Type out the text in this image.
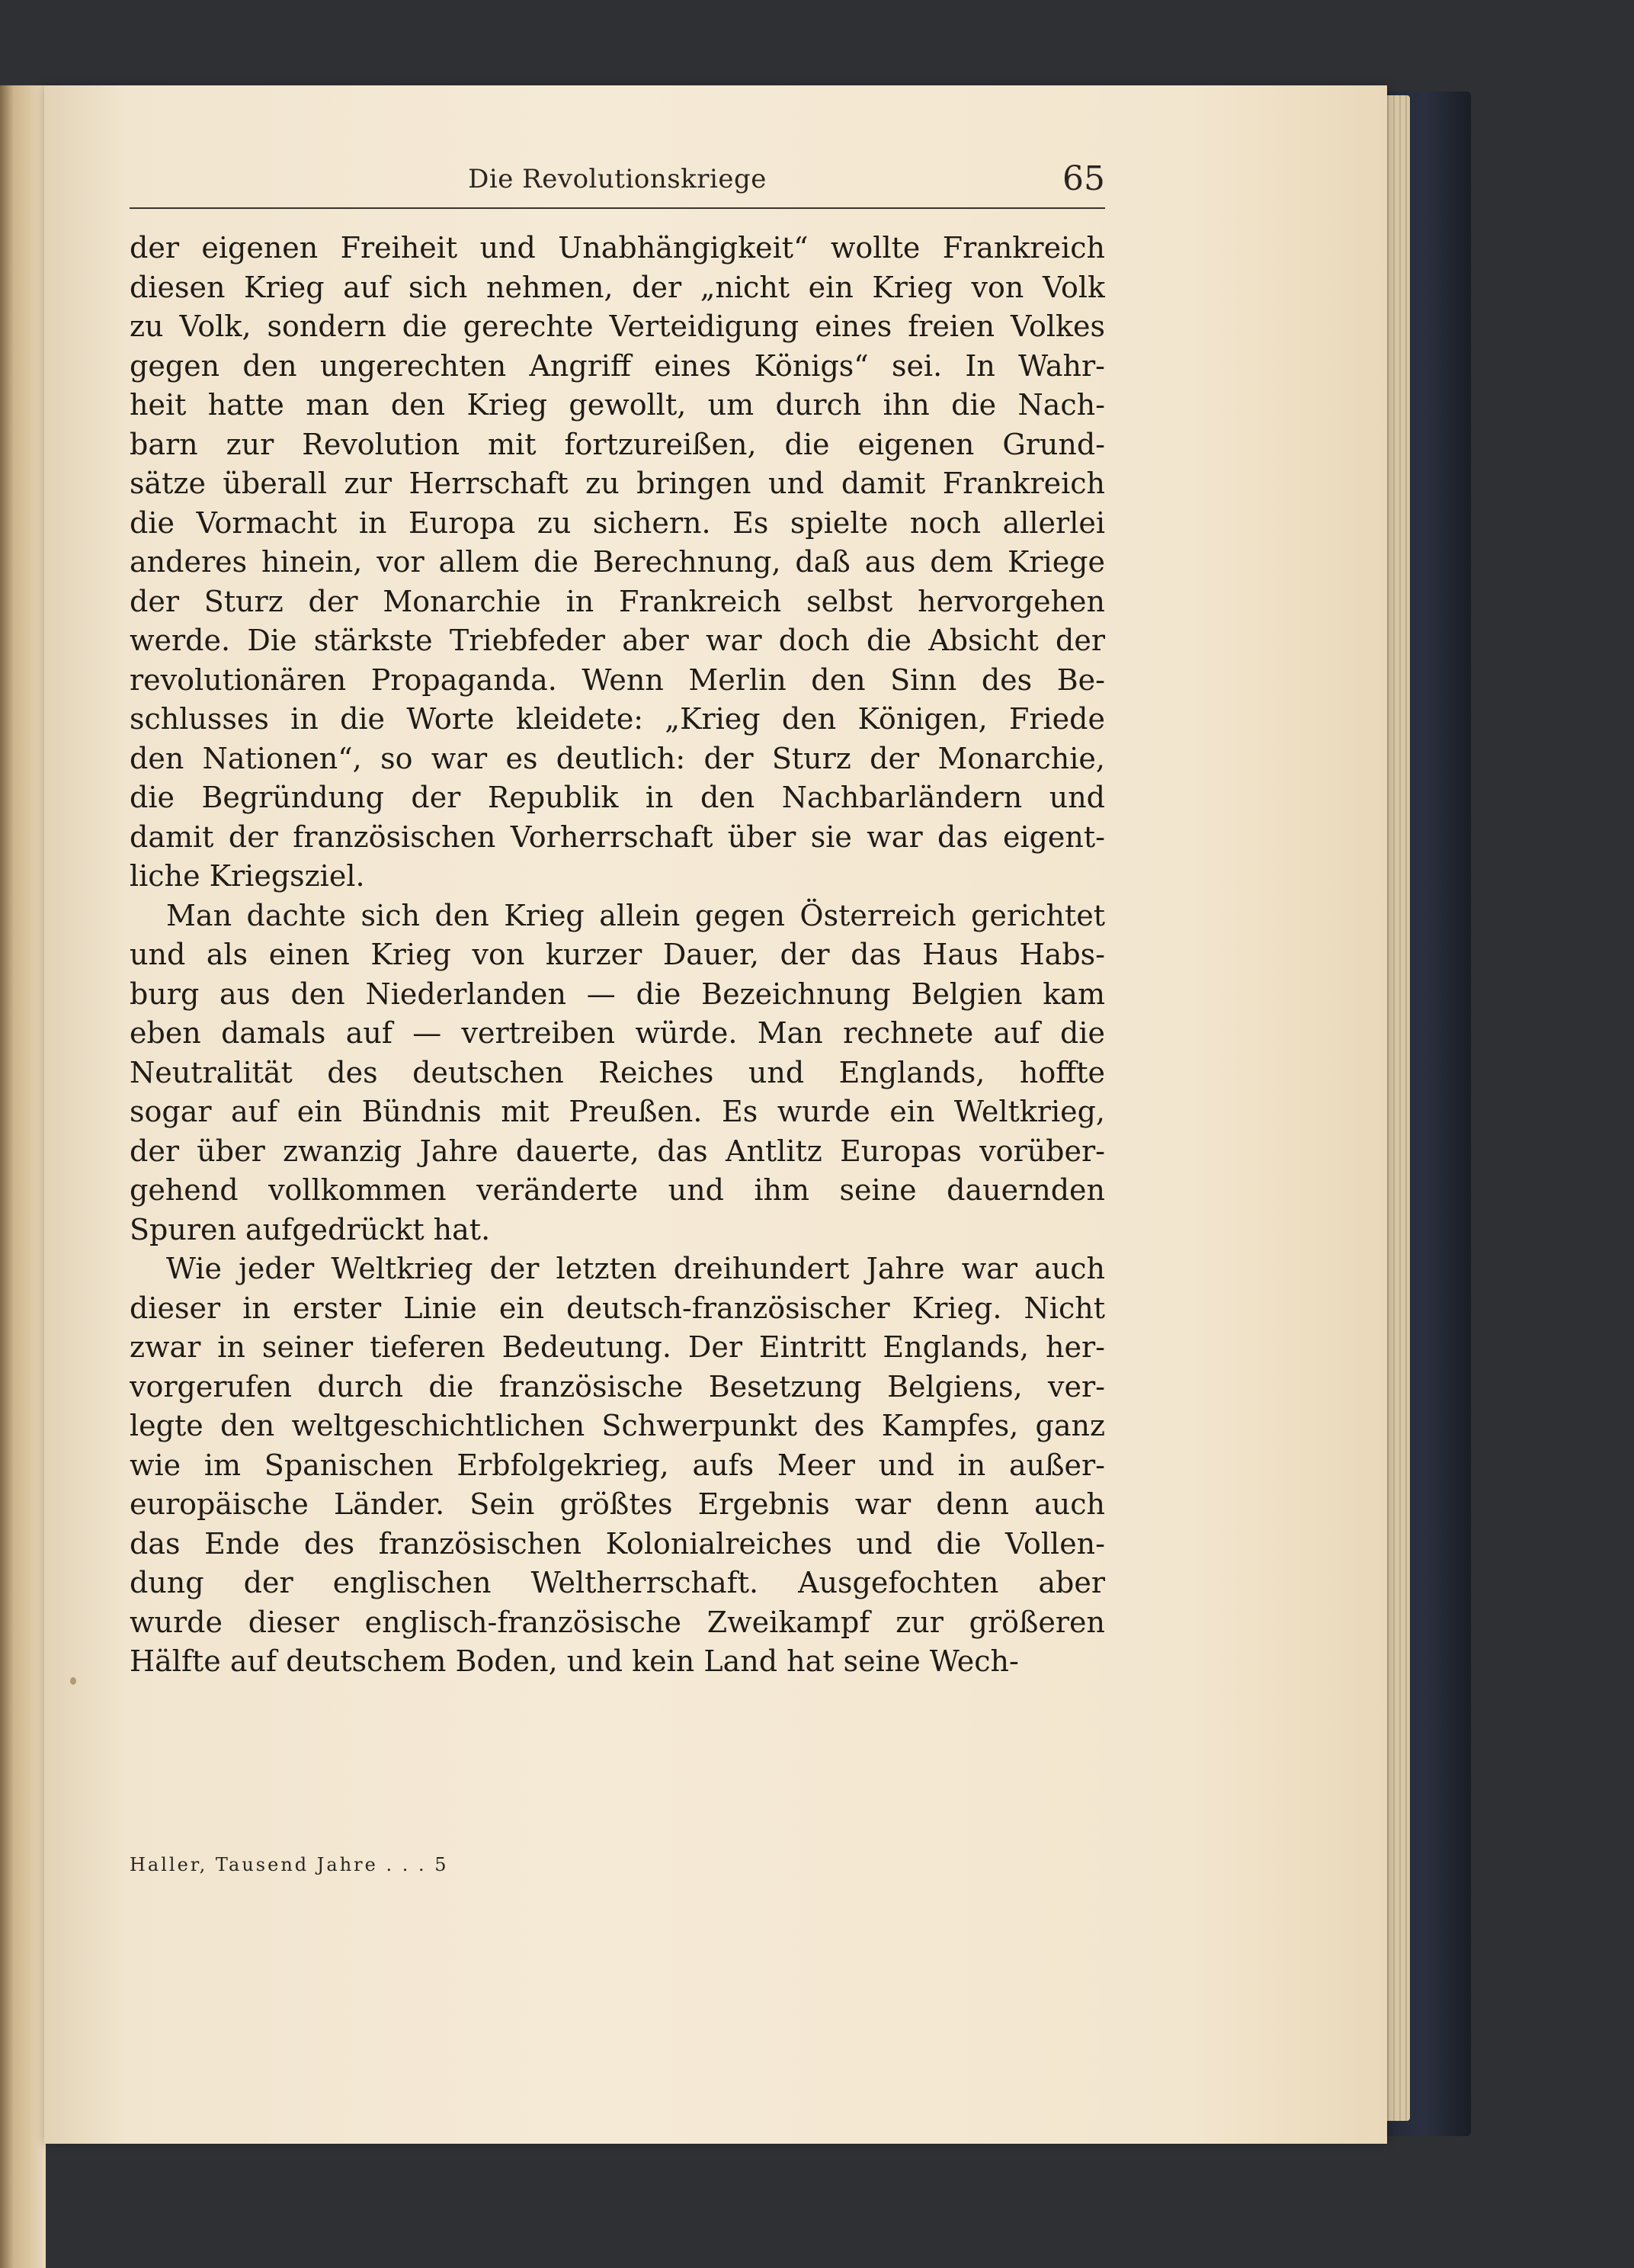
Die Revolutionskriege	65
der eigenen Freiheit und Unabhängigkeit“ wollte Frankreich
diesen Krieg auf sich nehmen, der „nicht ein Krieg von Volk
zu Volk, sondern die gerechte Verteidigung eines freien Volkes
gegen den ungerechten Angriff eines Königs“ sei. In Wahr-
heit hatte man den Krieg gewollt, um durch ihn die Nach-
barn zur Revolution mit fortzureißen, die eigenen Grund-
sätze überall zur Herrschaft zu bringen und damit Frankreich
die Vormacht in Europa zu sichern. Es spielte noch allerlei
anderes hinein, vor allem die Berechnung, daß aus dem Kriege
der Sturz der Monarchie in Frankreich selbst hervorgehen
werde. Die stärkste Triebfeder aber war doch die Absicht der
revolutionären Propaganda. Wenn Merlin den Sinn des Be-
schlusses in die Worte kleidete: „Krieg den Königen, Friede
den Nationen“, so war es deutlich: der Sturz der Monarchie,
die Begründung der Republik in den Nachbarländern und
damit der französischen Vorherrschaft über sie war das eigent-
liche Kriegsziel.
Man dachte sich den Krieg allein gegen Österreich gerichtet
und als einen Krieg von kurzer Dauer, der das Haus Habs-
burg aus den Niederlanden — die Bezeichnung Belgien kam
eben damals auf — vertreiben würde. Man rechnete auf die
Neutralität des deutschen Reiches und Englands, hoffte
sogar auf ein Bündnis mit Preußen. Es wurde ein Weltkrieg,
der über zwanzig Jahre dauerte, das Antlitz Europas vorüber-
gehend vollkommen veränderte und ihm seine dauernden
Spuren aufgedrückt hat.
Wie jeder Weltkrieg der letzten dreihundert Jahre war auch
dieser in erster Linie ein deutsch-französischer Krieg. Nicht
zwar in seiner tieferen Bedeutung. Der Eintritt Englands, her-
vorgerufen durch die französische Besetzung Belgiens, ver-
legte den weltgeschichtlichen Schwerpunkt des Kampfes, ganz
wie im Spanischen Erbfolgekrieg, aufs Meer und in außer-
europäische Länder. Sein größtes Ergebnis war denn auch
das Ende des französischen Kolonialreiches und die Vollen-
dung der englischen Weltherrschaft. Ausgefochten aber
wurde dieser englisch-französische Zweikampf zur größeren
Hälfte auf deutschem Boden, und kein Land hat seine Wech-
Haller, Tausend Jahre . . . 5
